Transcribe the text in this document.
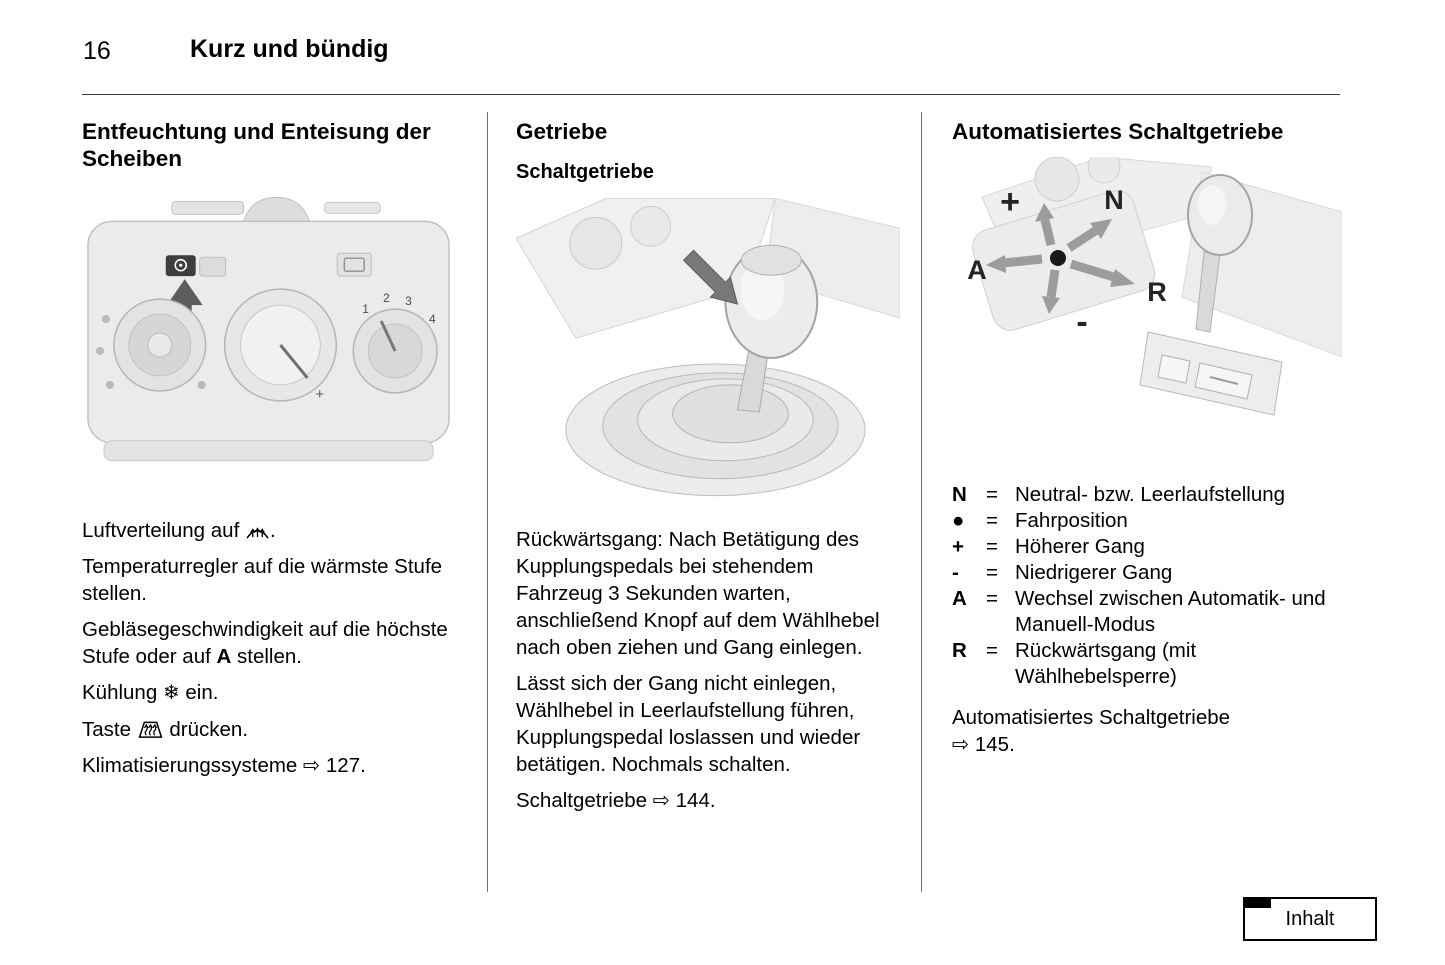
16	Kurz und bündig
Entfeuchtung und Enteisung der Scheiben
+
1
2 3
4

Luftverteilung auf .

Temperaturregler auf die wärmste Stufe stellen.

Gebläsegeschwindigkeit auf die höchste Stufe oder auf A stellen.

Kühlung ❄ ein.

Taste  drücken.

Klimatisierungssysteme ⇨ 127.

Getriebe
Schaltgetriebe

Rückwärtsgang: Nach Betätigung des Kupplungspedals bei stehendem Fahrzeug 3 Sekunden warten, anschließend Knopf auf dem Wählhebel nach oben ziehen und Gang einlegen.

Lässt sich der Gang nicht einlegen, Wählhebel in Leerlaufstellung führen, Kupplungspedal loslassen und wieder betätigen. Nochmals schalten.

Schaltgetriebe ⇨ 144.

Automatisiertes Schaltgetriebe
+	N
A
R
-
N = Neutral- bzw. Leerlaufstellung
●	= Fahrposition
+	= Höherer Gang
-	= Niedrigerer Gang
A = Wechsel zwischen Automatik- und Manuell-Modus
R = Rückwärtsgang (mit Wählhebelsperre)

Automatisiertes Schaltgetriebe
⇨ 145.

Inhalt
